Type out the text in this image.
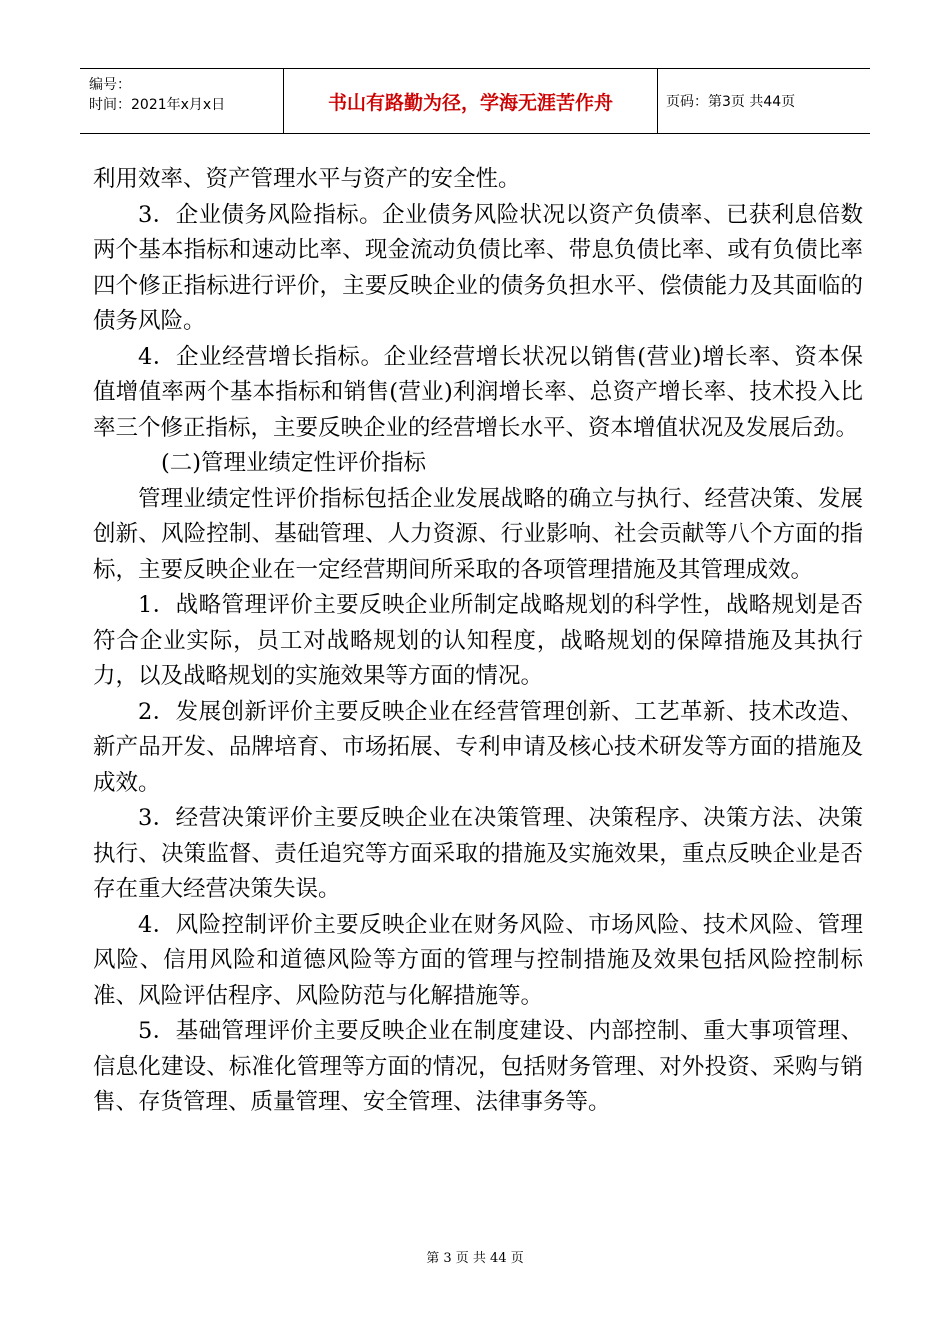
编号：
时间：2021年x月x日	书山有路勤为径，学海无涯苦作舟	页码：第3页 共44页

利用效率、资产管理水平与资产的安全性。

3．企业债务风险指标。企业债务风险状况以资产负债率、已获利息倍数两个基本指标和速动比率、现金流动负债比率、带息负债比率、或有负债比率四个修正指标进行评价，主要反映企业的债务负担水平、偿债能力及其面临的债务风险。

4．企业经营增长指标。企业经营增长状况以销售(营业)增长率、资本保值增值率两个基本指标和销售(营业)利润增长率、总资产增长率、技术投入比率三个修正指标，主要反映企业的经营增长水平、资本增值状况及发展后劲。

(二)管理业绩定性评价指标

管理业绩定性评价指标包括企业发展战略的确立与执行、经营决策、发展创新、风险控制、基础管理、人力资源、行业影响、社会贡献等八个方面的指标，主要反映企业在一定经营期间所采取的各项管理措施及其管理成效。

1．战略管理评价主要反映企业所制定战略规划的科学性，战略规划是否符合企业实际，员工对战略规划的认知程度，战略规划的保障措施及其执行力，以及战略规划的实施效果等方面的情况。

2．发展创新评价主要反映企业在经营管理创新、工艺革新、技术改造、新产品开发、品牌培育、市场拓展、专利申请及核心技术研发等方面的措施及成效。

3．经营决策评价主要反映企业在决策管理、决策程序、决策方法、决策执行、决策监督、责任追究等方面采取的措施及实施效果，重点反映企业是否存在重大经营决策失误。

4．风险控制评价主要反映企业在财务风险、市场风险、技术风险、管理风险、信用风险和道德风险等方面的管理与控制措施及效果包括风险控制标准、风险评估程序、风险防范与化解措施等。

5．基础管理评价主要反映企业在制度建设、内部控制、重大事项管理、信息化建设、标准化管理等方面的情况，包括财务管理、对外投资、采购与销售、存货管理、质量管理、安全管理、法律事务等。

第 3 页 共 44 页
